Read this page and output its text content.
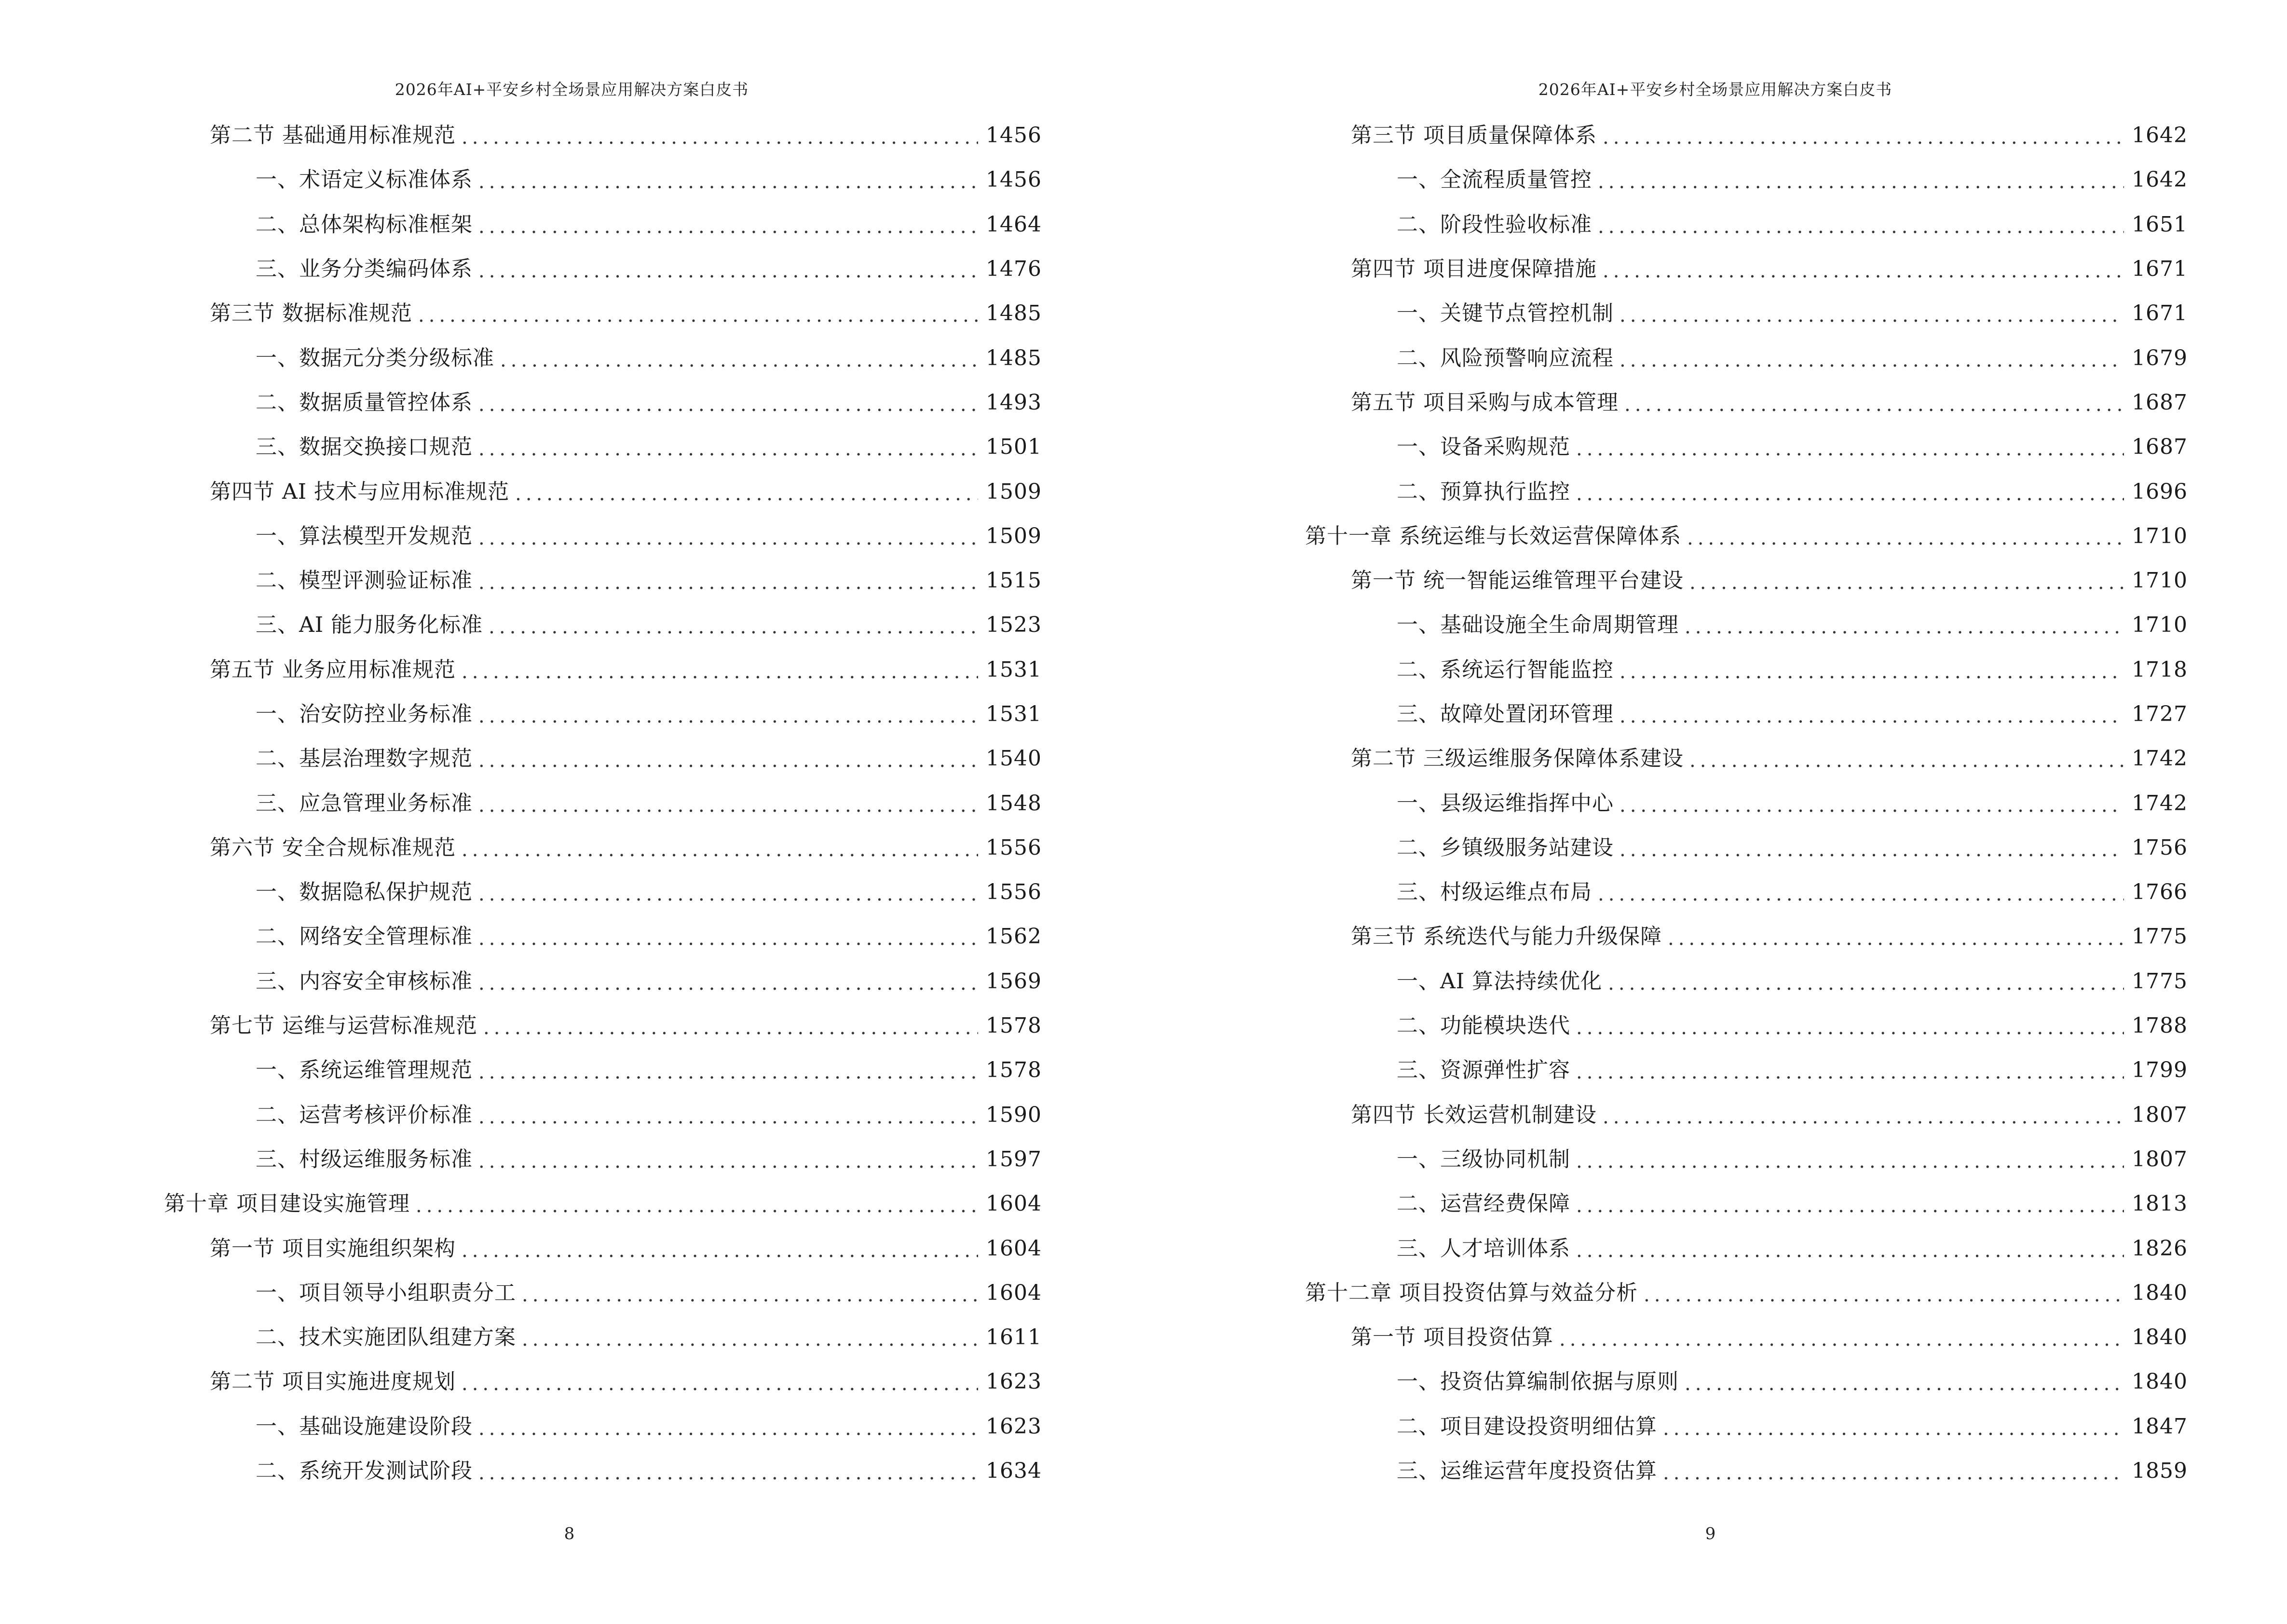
2026年AI+平安乡村全场景应用解决方案白皮书
第二节 基础通用标准规范 .....	1456
一、术语定义标准体系 .....	1456
二、总体架构标准框架 .....	1464
三、业务分类编码体系 .....	1476
第三节 数据标准规范 .....	1485
一、数据元分类分级标准 .....	1485
二、数据质量管控体系 .....	1493
三、数据交换接口规范 .....	1501
第四节 AI 技术与应用标准规范 .....	1509
一、算法模型开发规范 .....	1509
二、模型评测验证标准 .....	1515
三、AI 能力服务化标准 .....	1523
第五节 业务应用标准规范 .....	1531
一、治安防控业务标准 .....	1531
二、基层治理数字规范 .....	1540
三、应急管理业务标准 .....	1548
第六节 安全合规标准规范 .....	1556
一、数据隐私保护规范 .....	1556
二、网络安全管理标准 .....	1562
三、内容安全审核标准 .....	1569
第七节 运维与运营标准规范 .....	1578
一、系统运维管理规范 .....	1578
二、运营考核评价标准 .....	1590
三、村级运维服务标准 .....	1597
第十章 项目建设实施管理 .....	1604
第一节 项目实施组织架构 .....	1604
一、项目领导小组职责分工 .....	1604
二、技术实施团队组建方案 .....	1611
第二节 项目实施进度规划 .....	1623
一、基础设施建设阶段 .....	1623
二、系统开发测试阶段 .....	1634
8
2026年AI+平安乡村全场景应用解决方案白皮书
第三节 项目质量保障体系 .....	1642
一、全流程质量管控 .....	1642
二、阶段性验收标准 .....	1651
第四节 项目进度保障措施 .....	1671
一、关键节点管控机制 .....	1671
二、风险预警响应流程 .....	1679
第五节 项目采购与成本管理 .....	1687
一、设备采购规范 .....	1687
二、预算执行监控 .....	1696
第十一章 系统运维与长效运营保障体系 .....	1710
第一节 统一智能运维管理平台建设 .....	1710
一、基础设施全生命周期管理 .....	1710
二、系统运行智能监控 .....	1718
三、故障处置闭环管理 .....	1727
第二节 三级运维服务保障体系建设 .....	1742
一、县级运维指挥中心 .....	1742
二、乡镇级服务站建设 .....	1756
三、村级运维点布局 .....	1766
第三节 系统迭代与能力升级保障 .....	1775
一、AI 算法持续优化 .....	1775
二、功能模块迭代 .....	1788
三、资源弹性扩容 .....	1799
第四节 长效运营机制建设 .....	1807
一、三级协同机制 .....	1807
二、运营经费保障 .....	1813
三、人才培训体系 .....	1826
第十二章 项目投资估算与效益分析 .....	1840
第一节 项目投资估算 .....	1840
一、投资估算编制依据与原则 .....	1840
二、项目建设投资明细估算 .....	1847
三、运维运营年度投资估算 .....	1859
9
